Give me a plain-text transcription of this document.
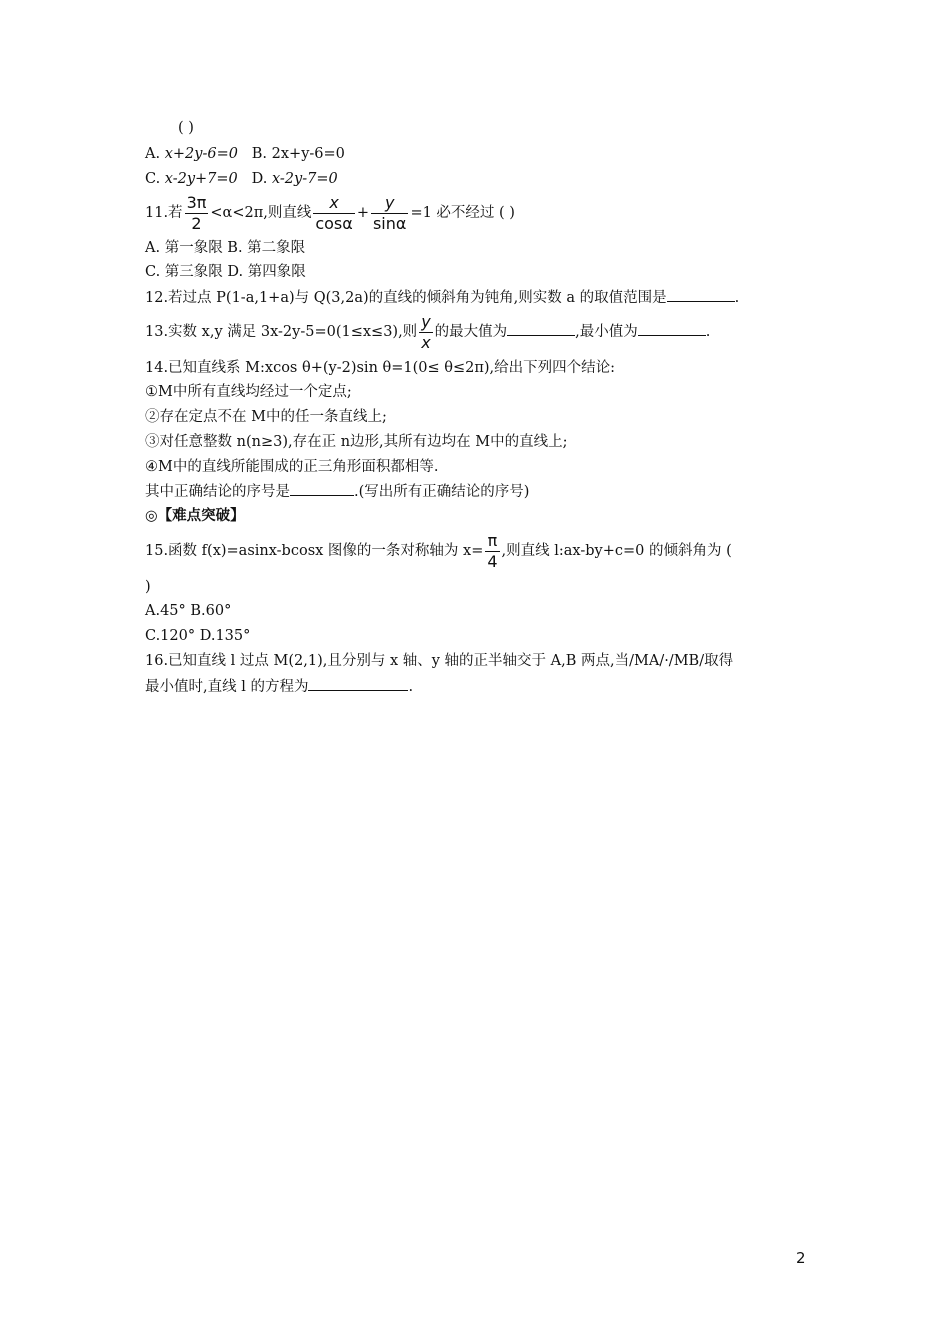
( )
A. x+2y-6=0 B. 2x+y-6=0
C. x-2y+7=0 D. x-2y-7=0
11.若 $\frac{3\pi}{2} <\alpha<2\pi$,则直线 $\frac{x}{\cos\alpha} + \frac{y}{\sin\alpha} =1$ 必不经过 ( )
A. 第一象限 B. 第二象限
C. 第三象限 D. 第四象限
12.若过点 P(1-a,1+a)与 Q(3,2a)的直线的倾斜角为钝角,则实数 a 的取值范围是	.
13.实数 x,y 满足 3x-2y-5=0(1≤x≤3),则 $\frac{y}{x}$ 的最大值为	,最小值为	.
14.已知直线系 M:xcos θ+(y-2)sin θ=1(0≤ θ≤2π),给出下列四个结论:
①M中所有直线均经过一个定点;
②存在定点不在 M中的任一条直线上;
③对任意整数 n(n≥3),存在正 n边形,其所有边均在 M中的直线上;
④M中的直线所能围成的正三角形面积都相等.
其中正确结论的序号是	.(写出所有正确结论的序号)
◎【难点突破】
15.函数 f(x)=asinx-bcosx 图像的一条对称轴为 $x= \frac{\pi}{4}$ ,则直线 l:ax-by+c=0 的倾斜角为 (
)
A.45° B.60°
C.120° D.135°
16.已知直线 l 过点 M(2,1),且分别与 x 轴、y 轴的正半轴交于 A,B 两点,当/MA/·/MB/取得
最小值时,直线 l 的方程为	.
2
